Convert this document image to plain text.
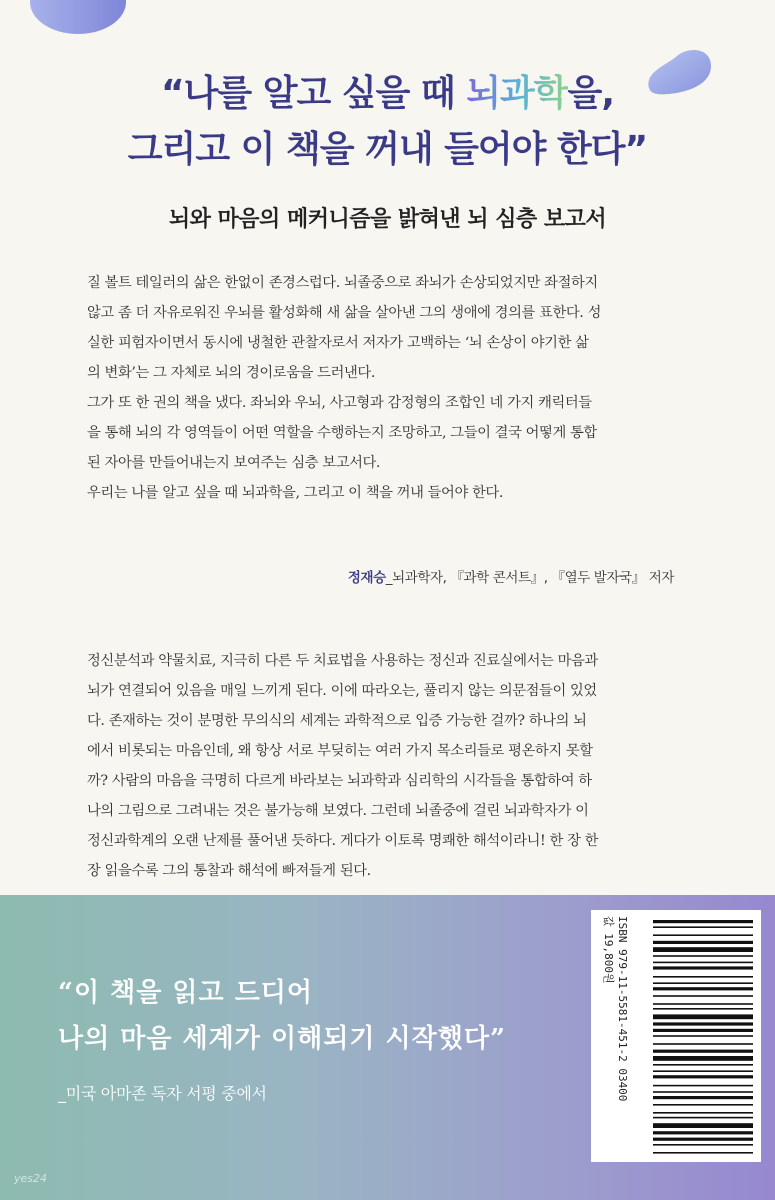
“나를 알고 싶을 때 뇌과학을,
그리고 이 책을 꺼내 들어야 한다”
뇌와 마음의 메커니즘을 밝혀낸 뇌 심층 보고서
질 볼트 테일러의 삶은 한없이 존경스럽다. 뇌졸중으로 좌뇌가 손상되었지만 좌절하지
않고 좀 더 자유로워진 우뇌를 활성화해 새 삶을 살아낸 그의 생애에 경의를 표한다. 성
실한 피험자이면서 동시에 냉철한 관찰자로서 저자가 고백하는 ‘뇌 손상이 야기한 삶
의 변화’는 그 자체로 뇌의 경이로움을 드러낸다.
그가 또 한 권의 책을 냈다. 좌뇌와 우뇌, 사고형과 감정형의 조합인 네 가지 캐릭터들
을 통해 뇌의 각 영역들이 어떤 역할을 수행하는지 조망하고, 그들이 결국 어떻게 통합
된 자아를 만들어내는지 보여주는 심층 보고서다.
우리는 나를 알고 싶을 때 뇌과학을, 그리고 이 책을 꺼내 들어야 한다.
정재승_뇌과학자, 『과학 콘서트』, 『열두 발자국』 저자
정신분석과 약물치료, 지극히 다른 두 치료법을 사용하는 정신과 진료실에서는 마음과
뇌가 연결되어 있음을 매일 느끼게 된다. 이에 따라오는, 풀리지 않는 의문점들이 있었
다. 존재하는 것이 분명한 무의식의 세계는 과학적으로 입증 가능한 걸까? 하나의 뇌
에서 비롯되는 마음인데, 왜 항상 서로 부딪히는 여러 가지 목소리들로 평온하지 못할
까? 사람의 마음을 극명히 다르게 바라보는 뇌과학과 심리학의 시각들을 통합하여 하
나의 그림으로 그려내는 것은 불가능해 보였다. 그런데 뇌졸중에 걸린 뇌과학자가 이
정신과학계의 오랜 난제를 풀어낸 듯하다. 게다가 이토록 명쾌한 해석이라니! 한 장 한
장 읽을수록 그의 통찰과 해석에 빠져들게 된다.
“이 책을 읽고 드디어
나의 마음 세계가 이해되기 시작했다”
_미국 아마존 독자 서평 중에서	ISBN 979-11-5581-451-2 03400
값 19,800원
yes24
